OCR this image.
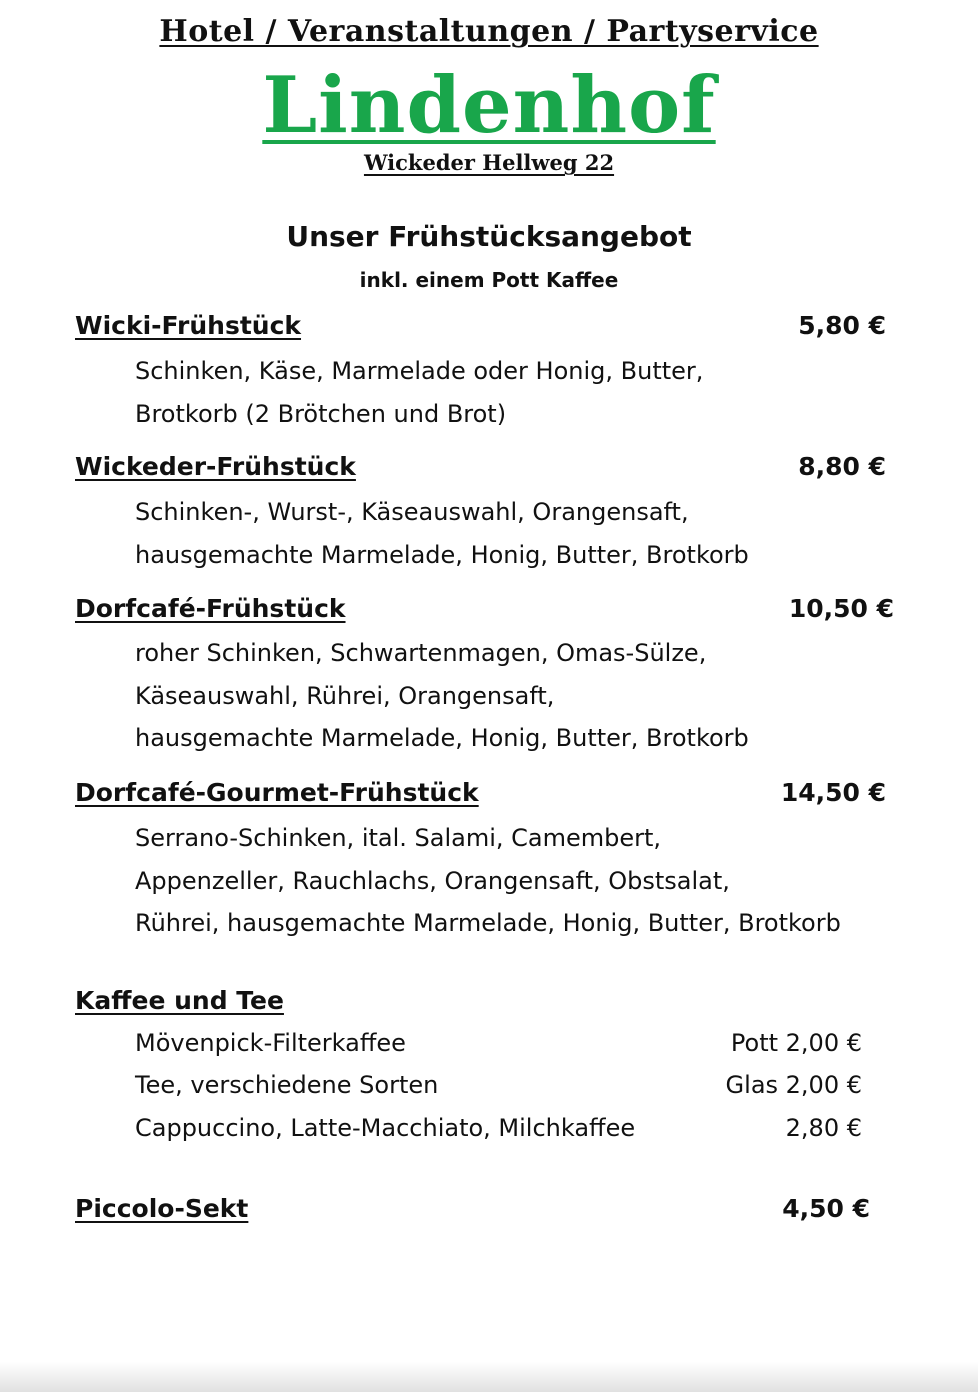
Hotel / Veranstaltungen / Partyservice
Lindenhof
Wickeder Hellweg 22
Unser Frühstücksangebot
inkl. einem Pott Kaffee
Wicki-Frühstück	5,80 €
Schinken, Käse, Marmelade oder Honig, Butter,
Brotkorb (2 Brötchen und Brot)
Wickeder-Frühstück	8,80 €
Schinken-, Wurst-, Käseauswahl, Orangensaft,
hausgemachte Marmelade, Honig, Butter, Brotkorb
Dorfcafé-Frühstück	10,50 €
roher Schinken, Schwartenmagen, Omas-Sülze,
Käseauswahl, Rührei, Orangensaft,
hausgemachte Marmelade, Honig, Butter, Brotkorb
Dorfcafé-Gourmet-Frühstück	14,50 €
Serrano-Schinken, ital. Salami, Camembert,
Appenzeller, Rauchlachs, Orangensaft, Obstsalat,
Rührei, hausgemachte Marmelade, Honig, Butter, Brotkorb
Kaffee und Tee
Mövenpick-Filterkaffee	Pott 2,00 €
Tee, verschiedene Sorten	Glas 2,00 €
Cappuccino, Latte-Macchiato, Milchkaffee	2,80 €
Piccolo-Sekt	4,50 €
